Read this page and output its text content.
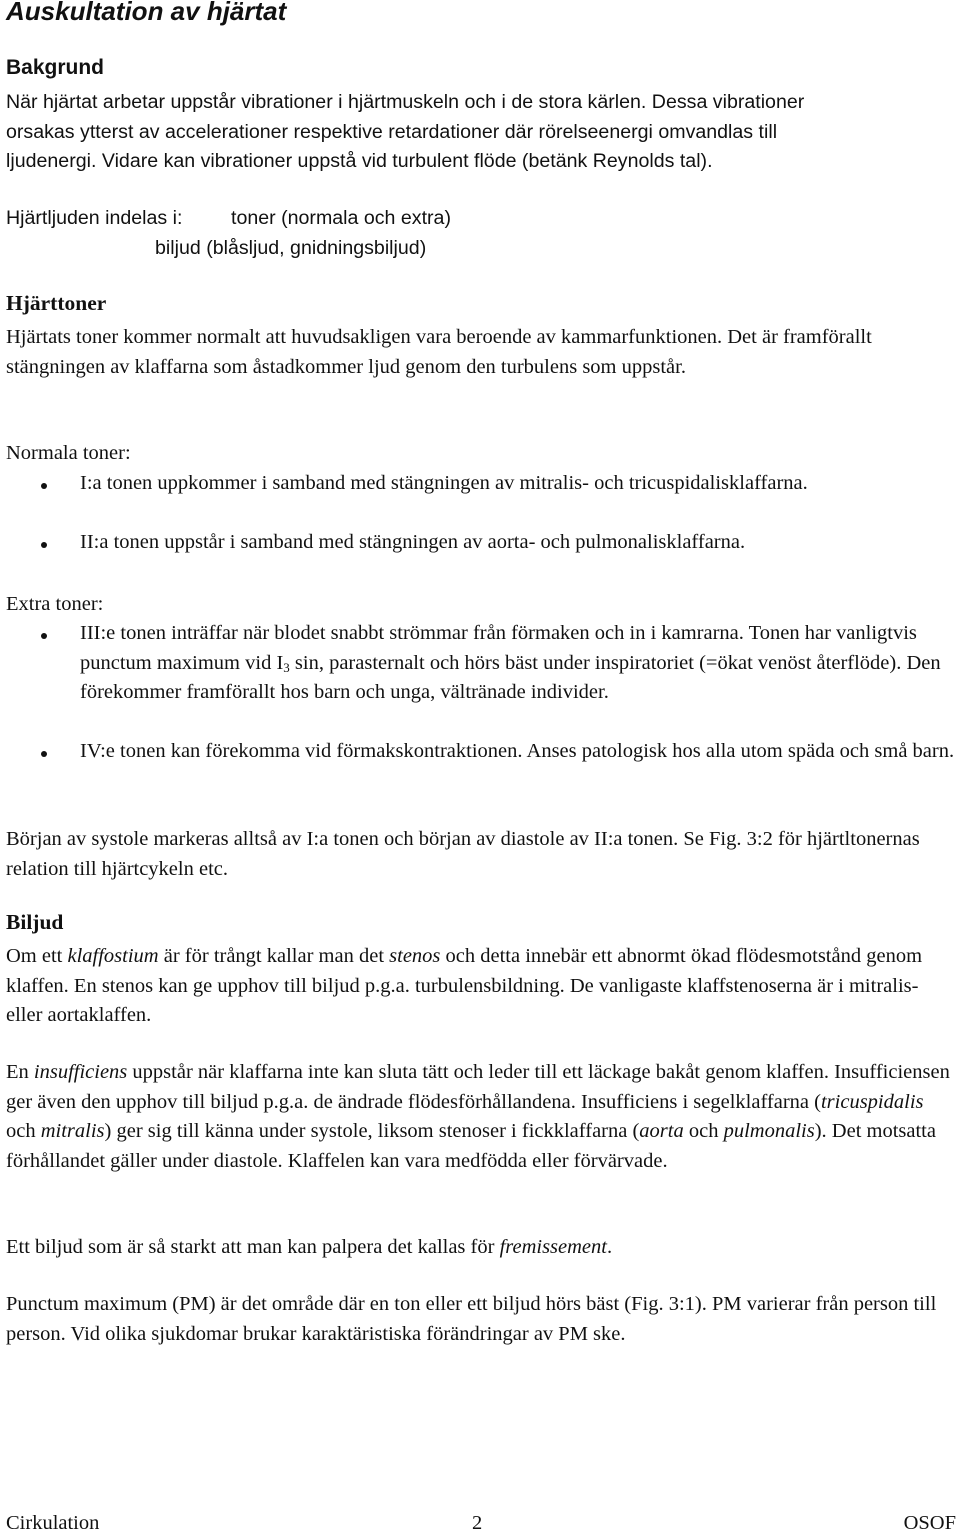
Auskultation av hjärtat
Bakgrund
När hjärtat arbetar uppstår vibrationer i hjärtmuskeln och i de stora kärlen. Dessa vibrationer
orsakas ytterst av accelerationer respektive retardationer där rörelseenergi omvandlas till
ljudenergi. Vidare kan vibrationer uppstå vid turbulent flöde (betänk Reynolds tal).
Hjärtljuden indelas i: toner (normala och extra)
biljud (blåsljud, gnidningsbiljud)
Hjärttoner

Hjärtats toner kommer normalt att huvudsakligen vara beroende av kammarfunktionen. Det är framförallt stängningen av klaffarna som åstadkommer ljud genom den turbulens som uppstår.

Normala toner:

I:a tonen uppkommer i samband med stängningen av mitralis- och tricuspidalisklaffarna.

II:a tonen uppstår i samband med stängningen av aorta- och pulmonalisklaffarna.

Extra toner:

III:e tonen inträffar när blodet snabbt strömmar från förmaken och in i kamrarna. Tonen har vanligtvis punctum maximum vid $I_3$ sin, parasternalt och hörs bäst under inspiratoriet (=ökat venöst återflöde). Den förekommer framförallt hos barn och unga, vältränade individer.

IV:e tonen kan förekomma vid förmakskontraktionen. Anses patologisk hos alla utom späda och små barn.

Början av systole markeras alltså av I:a tonen och början av diastole av II:a tonen. Se Fig. 3:2 för hjärtltonernas relation till hjärtcykeln etc.

Biljud

Om ett klaffostium är för trångt kallar man det stenos och detta innebär ett abnormt ökad flödesmotstånd genom klaffen. En stenos kan ge upphov till biljud p.g.a. turbulensbildning. De vanligaste klaffstenoserna är i mitralis- eller aortaklaffen.

En insufficiens uppstår när klaffarna inte kan sluta tätt och leder till ett läckage bakåt genom klaffen. Insufficiensen ger även den upphov till biljud p.g.a. de ändrade flödesförhållandena. Insufficiens i segelklaffarna (tricuspidalis och mitralis) ger sig till känna under systole, liksom stenoser i fickklaffarna (aorta och pulmonalis). Det motsatta förhållandet gäller under diastole. Klaffelen kan vara medfödda eller förvärvade.

Ett biljud som är så starkt att man kan palpera det kallas för fremissement.

Punctum maximum (PM) är det område där en ton eller ett biljud hörs bäst (Fig. 3:1). PM varierar från person till person. Vid olika sjukdomar brukar karaktäristiska förändringar av PM ske.

Cirkulation	2	OSOF
